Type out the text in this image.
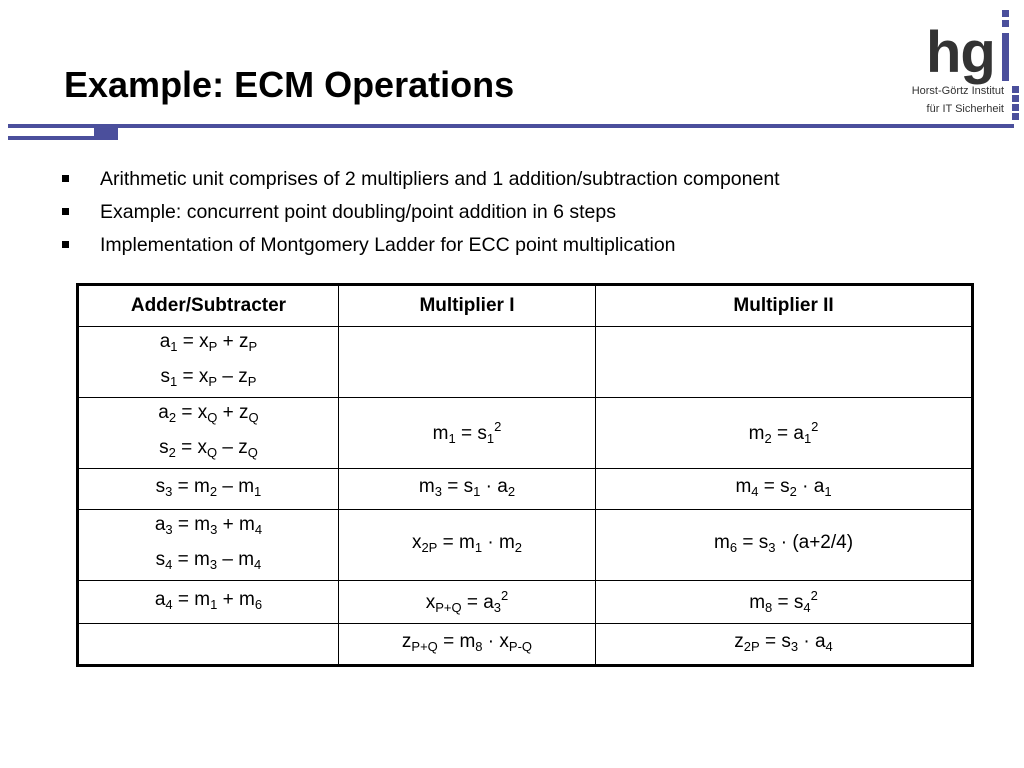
Example: ECM Operations	hg
Horst-Görtz Institut
für IT Sicherheit
Arithmetic unit comprises of 2 multipliers and 1 addition/subtraction component
Example: concurrent point doubling/point addition in 6 steps
Implementation of Montgomery Ladder for ECC point multiplication
Adder/Subtracter	Multiplier I	Multiplier II

$a_1 = x_P + z_P$
$s_1 = x_P - z_P$

$a_2 = x_Q + z_Q$
$s_2 = x_Q - z_Q$	$m_1 = s_1^2$	$m_2 = a_1^2$

$s_3 = m_2 - m_1$	$m_3 = s_1 \cdot a_2$	$m_4 = s_2 \cdot a_1$

$a_3 = m_3 + m_4$
$s_4 = m_3 - m_4$	$x_{2P} = m_1 \cdot m_2$	$m_6 = s_3 \cdot (a+2/4)$

$a_4 = m_1 + m_6$	$x_{P+Q} = a_3^2$	$m_8 = s_4^2$

	$z_{P+Q} = m_8 \cdot x_{P-Q}$	$z_{2P} = s_3 \cdot a_4$
